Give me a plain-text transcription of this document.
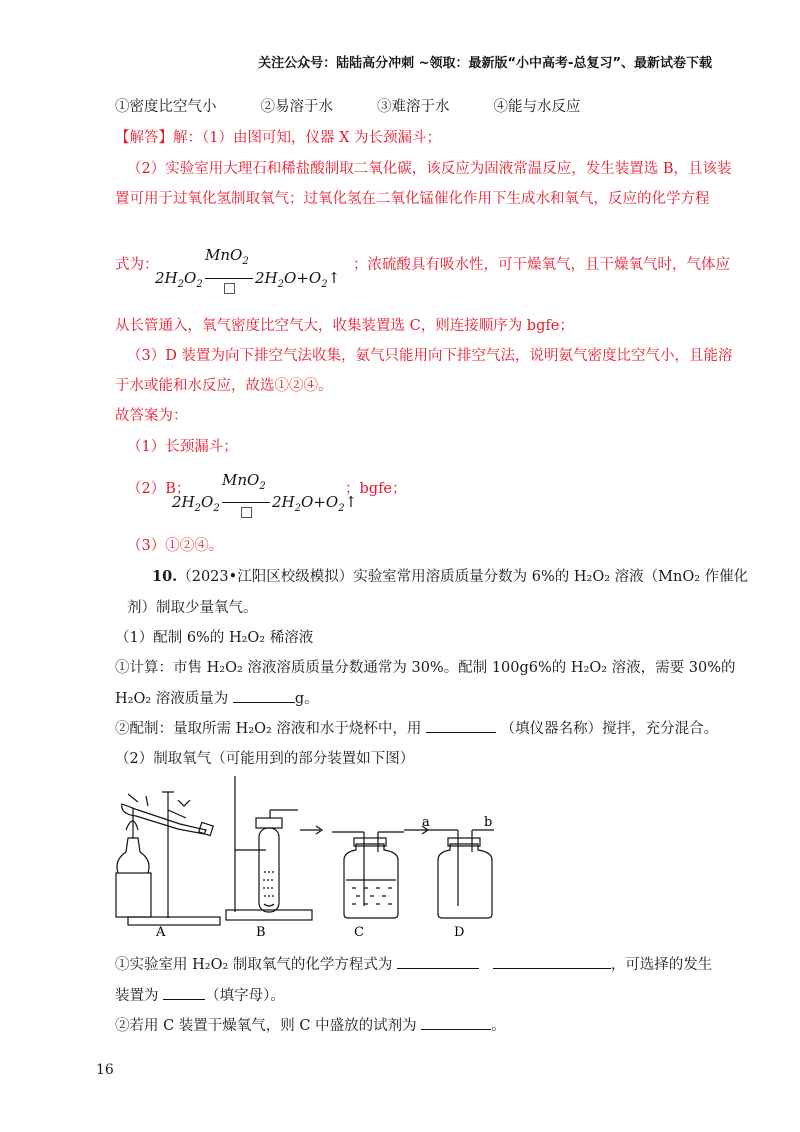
关注公众号：陆陆高分冲刺 ~领取：最新版“小中高考-总复习”、最新试卷下载
①密度比空气小	②易溶于水	③难溶于水	④能与水反应
【解答】解：（1）由图可知，仪器 X 为长颈漏斗；
（2）实验室用大理石和稀盐酸制取二氧化碳，该反应为固液常温反应，发生装置选 B，且该装
置可用于过氧化氢制取氧气；过氧化氢在二氧化锰催化作用下生成水和氧气，反应的化学方程
式为：	；浓硫酸具有吸水性，可干燥氧气，且干燥氧气时，气体应
MnO$_2$
$2H_2O_2$	$2H_2O+O_2↑$
从长管通入，氧气密度比空气大，收集装置选 C，则连接顺序为 bgfe；
（3）D 装置为向下排空气法收集，氨气只能用向下排空气法，说明氨气密度比空气小，且能溶
于水或能和水反应，故选①②④。
故答案为：
（1）长颈漏斗；
（2）B；	；bgfe；
MnO$_2$
$2H_2O_2$	$2H_2O+O_2↑$
（3）①②④。
10.（2023•江阳区校级模拟）实验室常用溶质质量分数为 6%的 H₂O₂ 溶液（MnO₂ 作催化
剂）制取少量氧气。
（1）配制 6%的 H₂O₂ 稀溶液
①计算：市售 H₂O₂ 溶液溶质质量分数通常为 30%。配制 100g6%的 H₂O₂ 溶液，需要 30%的
H₂O₂ 溶液质量为	g。
②配制：量取所需 H₂O₂ 溶液和水于烧杯中，用	（填仪器名称）搅拌，充分混合。
（2）制取氧气（可能用到的部分装置如下图）
a	b
A	B	C	D
①实验室用 H₂O₂ 制取氧气的化学方程式为	，可选择的发生
装置为	（填字母）。
②若用 C 装置干燥氧气，则 C 中盛放的试剂为	。
16
